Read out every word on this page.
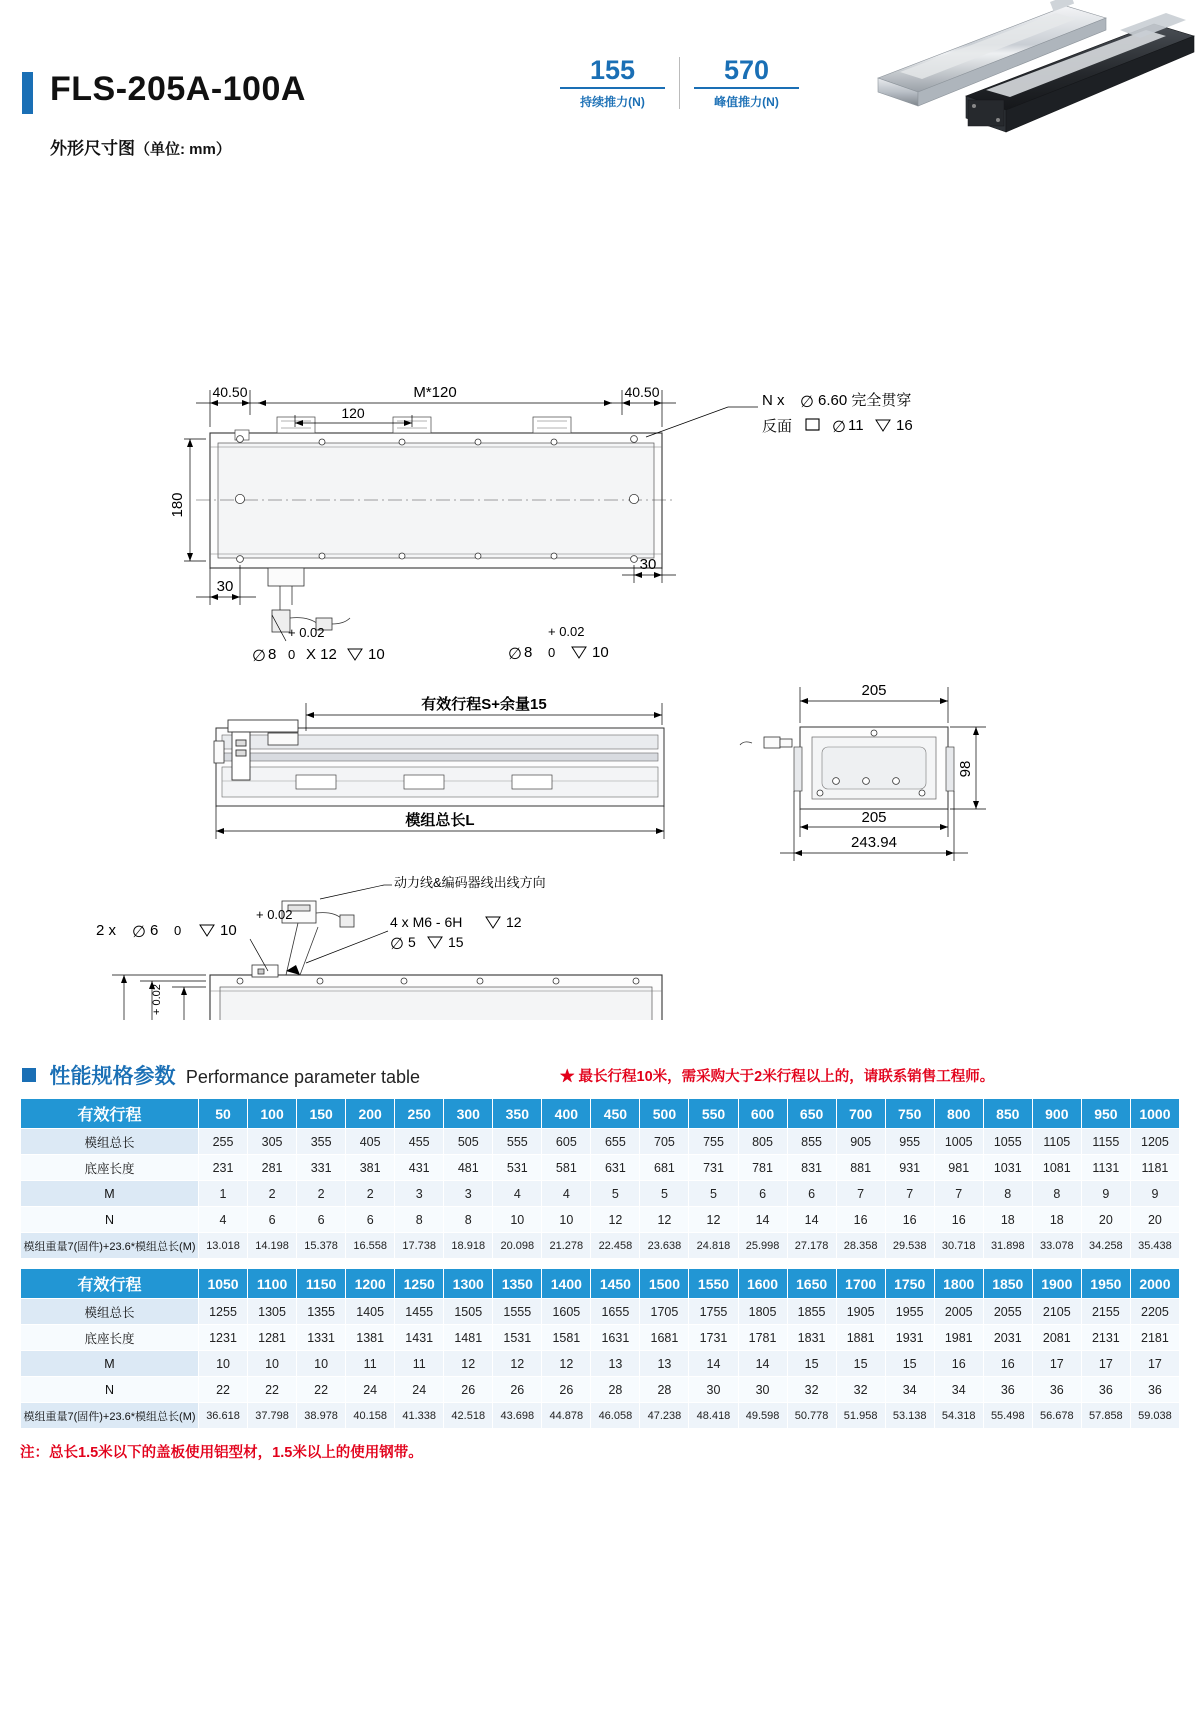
FLS-205A-100A	155
持续推力(N)
570
峰值推力(N)
外形尺寸图（单位: mm）
40.50	40.50
M*120
120
180
30
30
N x ∅ 6.60 完全贯穿
反面 ∅ 11 16
+ 0.02
∅ 8 0 X 12 10
+ 0.02
∅ 8 0 10
有效行程S+余量15
模组总长L
205
98
205
243.94
动力线&编码器线出线方向
+ 0.02
2 x ∅ 6 0	10	4 x M6 - 6H	12
∅ 5 15
+ 0.02
性能规格参数 Performance parameter table	★ 最长行程10米，需采购大于2米行程以上的，请联系销售工程师。
有效行程	50	100	150	200	250	300	350	400	450	500	550	600	650	700	750	800	850	900	950	1000
模组总长	255	305	355	405	455	505	555	605	655	705	755	805	855	905	955	1005	1055	1105	1155	1205
底座长度	231	281	331	381	431	481	531	581	631	681	731	781	831	881	931	981	1031	1081	1131	1181
M	1	2	2	2	3	3	4	4	5	5	5	6	6	7	7	7	8	8	9	9
N	4	6	6	6	8	8	10	10	12	12	12	14	14	16	16	16	18	18	20	20
模组重量7(固件)+23.6*模组总长(M)	13.018	14.198	15.378	16.558	17.738	18.918	20.098	21.278	22.458	23.638	24.818	25.998	27.178	28.358	29.538	30.718	31.898	33.078	34.258	35.438
有效行程	1050	1100	1150	1200	1250	1300	1350	1400	1450	1500	1550	1600	1650	1700	1750	1800	1850	1900	1950	2000
模组总长	1255	1305	1355	1405	1455	1505	1555	1605	1655	1705	1755	1805	1855	1905	1955	2005	2055	2105	2155	2205
底座长度	1231	1281	1331	1381	1431	1481	1531	1581	1631	1681	1731	1781	1831	1881	1931	1981	2031	2081	2131	2181
M	10	10	10	11	11	12	12	12	13	13	14	14	15	15	15	16	16	17	17	17
N	22	22	22	24	24	26	26	26	28	28	30	30	32	32	34	34	36	36	36	36
模组重量7(固件)+23.6*模组总长(M)	36.618	37.798	38.978	40.158	41.338	42.518	43.698	44.878	46.058	47.238	48.418	49.598	50.778	51.958	53.138	54.318	55.498	56.678	57.858	59.038
注：总长1.5米以下的盖板使用铝型材，1.5米以上的使用钢带。
